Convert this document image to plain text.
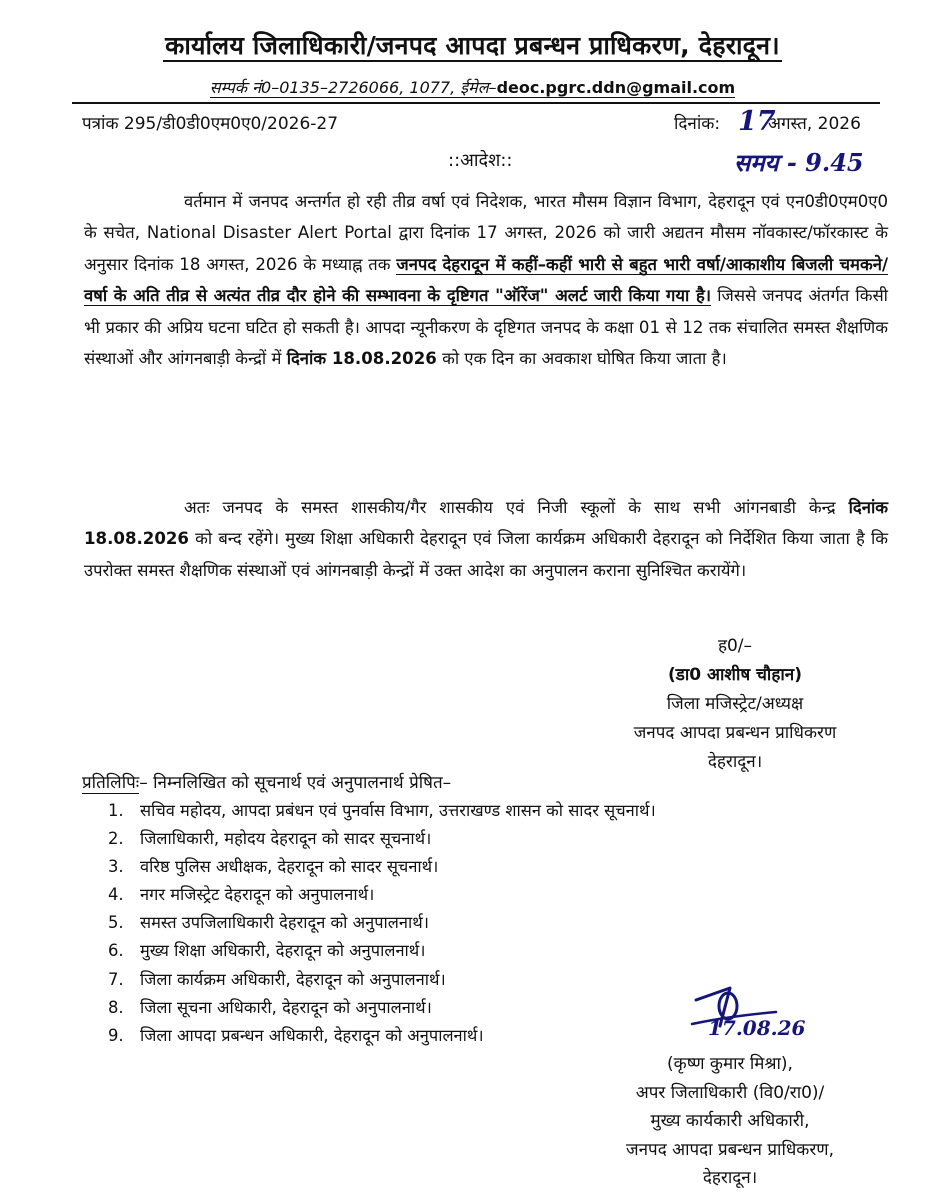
कार्यालय जिलाधिकारी/जनपद आपदा प्रबन्धन प्राधिकरण, देहरादून।
सम्पर्क नं0–0135–2726066, 1077, ईमेल–deoc.pgrc.ddn@gmail.com
पत्रांक 295/डी0डी0एम0ए0/2026-27	दिनांक: 17
अगस्त, 2026
::आदेश::	समय - 9.45
वर्तमान में जनपद अन्तर्गत हो रही तीव्र वर्षा एवं निदेशक, भारत मौसम विज्ञान विभाग, देहरादून एवं एन0डी0एम0ए0 के सचेत, National Disaster Alert Portal द्वारा दिनांक 17 अगस्त, 2026 को जारी अद्यतन मौसम नॉवकास्ट/फॉरकास्ट के अनुसार दिनांक 18 अगस्त, 2026 के मध्याह्न तक जनपद देहरादून में कहीं–कहीं भारी से बहुत भारी वर्षा/आकाशीय बिजली चमकने/वर्षा के अति तीव्र से अत्यंत तीव्र दौर होने की सम्भावना के दृष्टिगत "ऑरेंज" अलर्ट जारी किया गया है। जिससे जनपद अंतर्गत किसी भी प्रकार की अप्रिय घटना घटित हो सकती है। आपदा न्यूनीकरण के दृष्टिगत जनपद के कक्षा 01 से 12 तक संचालित समस्त शैक्षणिक संस्थाओं और आंगनबाड़ी केन्द्रों में दिनांक 18.08.2026 को एक दिन का अवकाश घोषित किया जाता है।
अतः जनपद के समस्त शासकीय/गैर शासकीय एवं निजी स्कूलों के साथ सभी आंगनबाडी केन्द्र दिनांक 18.08.2026 को बन्द रहेंगे। मुख्य शिक्षा अधिकारी देहरादून एवं जिला कार्यक्रम अधिकारी देहरादून को निर्देशित किया जाता है कि उपरोक्त समस्त शैक्षणिक संस्थाओं एवं आंगनबाड़ी केन्द्रों में उक्त आदेश का अनुपालन कराना सुनिश्चित करायेंगे।
ह0/–
(डा0 आशीष चौहान)
जिला मजिस्ट्रेट/अध्यक्ष
जनपद आपदा प्रबन्धन प्राधिकरण
देहरादून।
प्रतिलिपिः– निम्नलिखित को सूचनार्थ एवं अनुपालनार्थ प्रेषित–
1. सचिव महोदय, आपदा प्रबंधन एवं पुनर्वास विभाग, उत्तराखण्ड शासन को सादर सूचनार्थ।
2. जिलाधिकारी, महोदय देहरादून को सादर सूचनार्थ।
3. वरिष्ठ पुलिस अधीक्षक, देहरादून को सादर सूचनार्थ।
4. नगर मजिस्ट्रेट देहरादून को अनुपालनार्थ।
5. समस्त उपजिलाधिकारी देहरादून को अनुपालनार्थ।
6. मुख्य शिक्षा अधिकारी, देहरादून को अनुपालनार्थ।
7. जिला कार्यक्रम अधिकारी, देहरादून को अनुपालनार्थ।
8. जिला सूचना अधिकारी, देहरादून को अनुपालनार्थ।
9. जिला आपदा प्रबन्धन अधिकारी, देहरादून को अनुपालनार्थ।	17.08.26
(कृष्ण कुमार मिश्रा),
अपर जिलाधिकारी (वि0/रा0)/
मुख्य कार्यकारी अधिकारी,
जनपद आपदा प्रबन्धन प्राधिकरण,
देहरादून।
